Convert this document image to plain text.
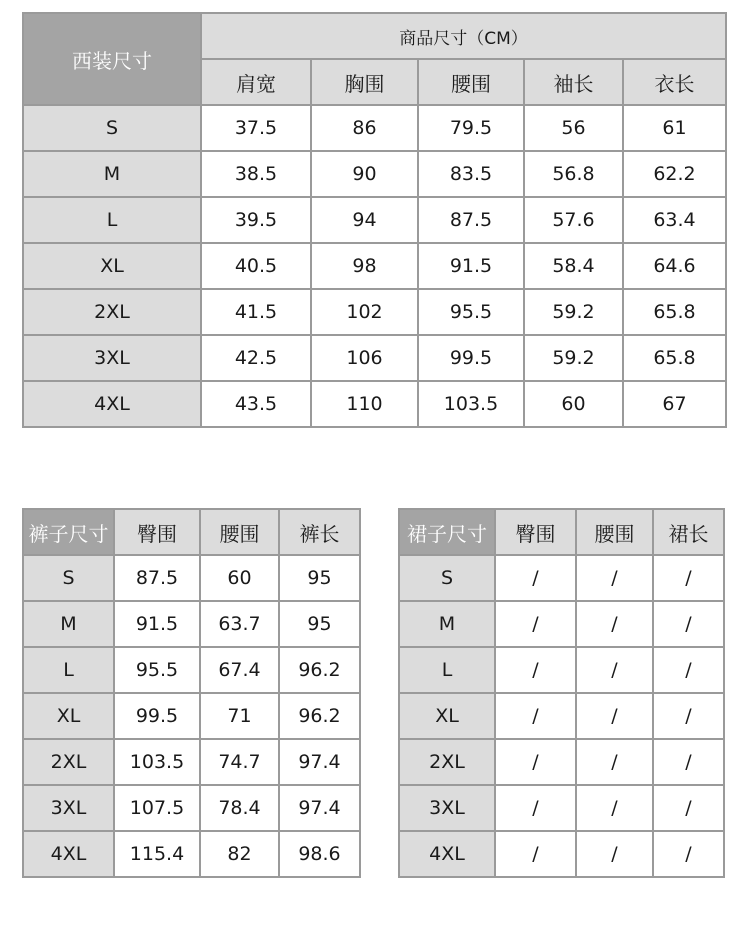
西装尺寸	商品尺寸（CM）				
	肩宽	胸围	腰围	袖长	衣长
S	37.5	86	79.5	56	61
M	38.5	90	83.5	56.8	62.2
L	39.5	94	87.5	57.6	63.4
XL	40.5	98	91.5	58.4	64.6
2XL	41.5	102	95.5	59.2	65.8
3XL	42.5	106	99.5	59.2	65.8
4XL	43.5	110	103.5	60	67
裤子尺寸	臀围	腰围	裤长
S	87.5	60	95
M	91.5	63.7	95
L	95.5	67.4	96.2
XL	99.5	71	96.2
2XL	103.5	74.7	97.4
3XL	107.5	78.4	97.4
4XL	115.4	82	98.6
裙子尺寸	臀围	腰围	裙长
S	/	/	/
M	/	/	/
L	/	/	/
XL	/	/	/
2XL	/	/	/
3XL	/	/	/
4XL	/	/	/
